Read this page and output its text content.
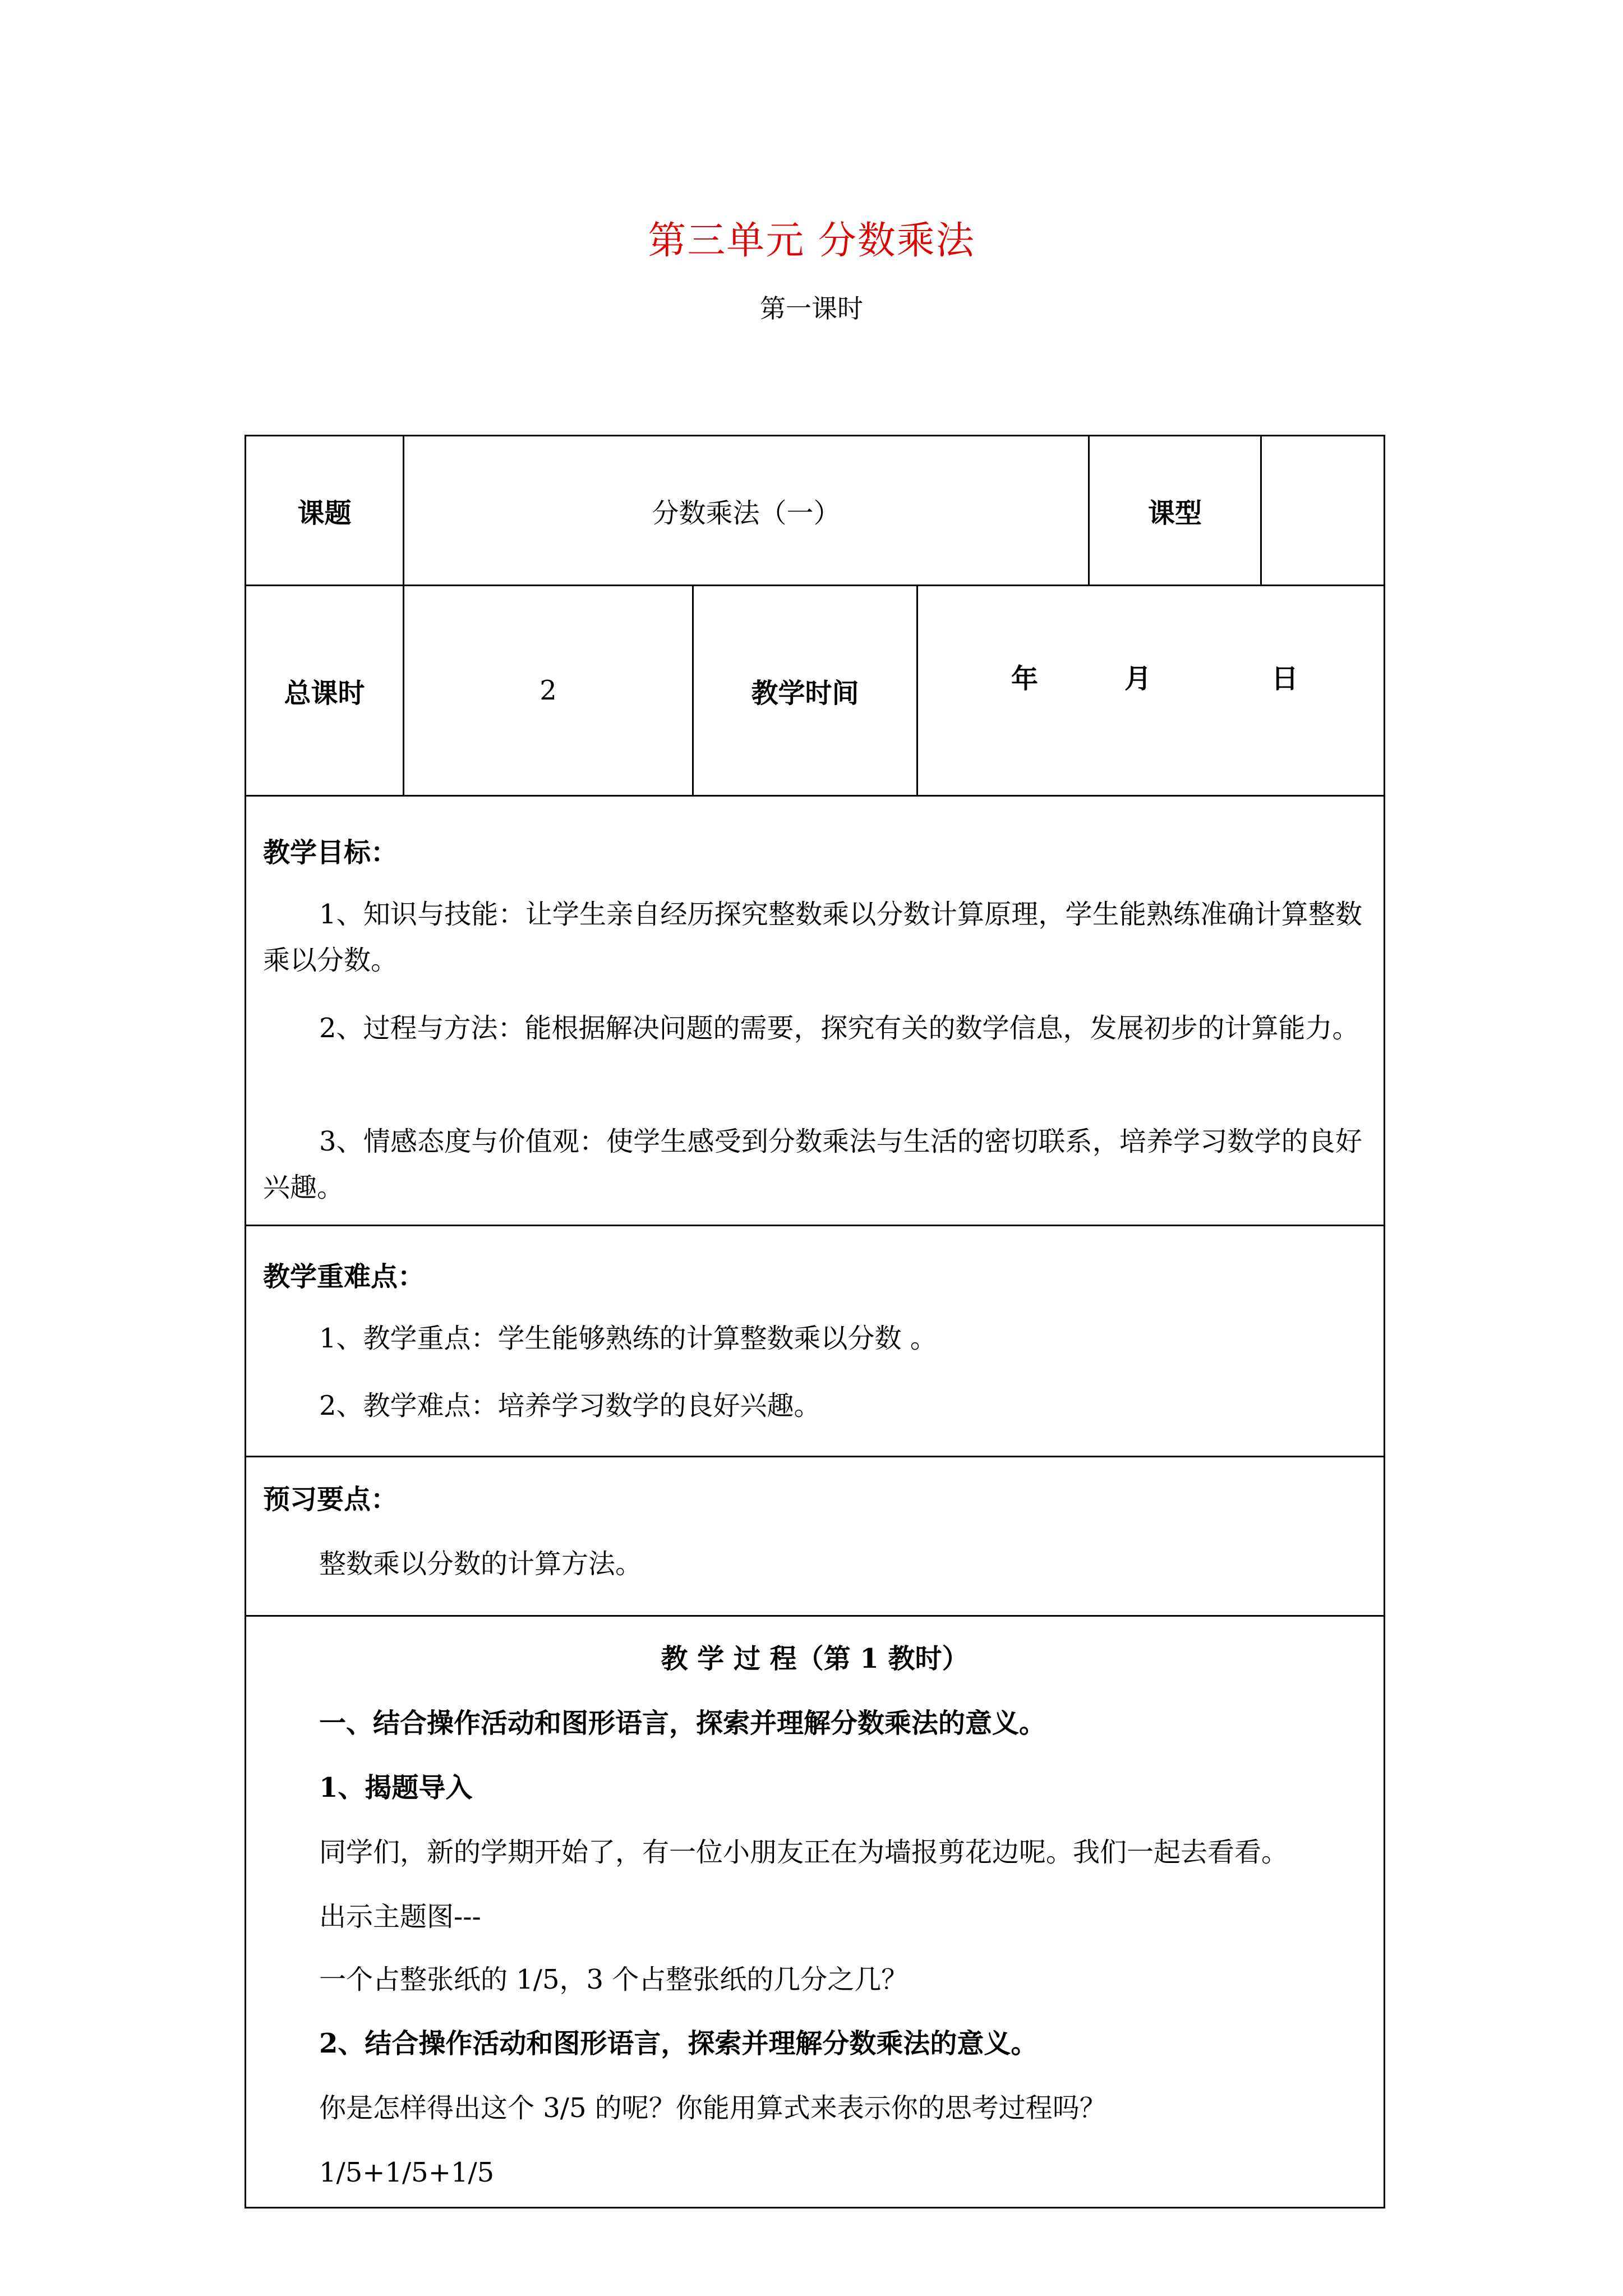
第三单元 分数乘法
第一课时
课题	分数乘法（一）	课型
总课时	2	教学时间	年	月	日
教学目标：
1、知识与技能：让学生亲自经历探究整数乘以分数计算原理，学生能熟练准确计算整数乘以分数。
2、过程与方法：能根据解决问题的需要，探究有关的数学信息，发展初步的计算能力。
3、情感态度与价值观：使学生感受到分数乘法与生活的密切联系，培养学习数学的良好兴趣。
教学重难点：
1、教学重点：学生能够熟练的计算整数乘以分数 。
2、教学难点：培养学习数学的良好兴趣。
预习要点：
整数乘以分数的计算方法。
教 学 过 程（第 1 教时）
一、结合操作活动和图形语言，探索并理解分数乘法的意义。
1、揭题导入
同学们，新的学期开始了，有一位小朋友正在为墙报剪花边呢。我们一起去看看。
出示主题图---
一个占整张纸的 1/5，3 个占整张纸的几分之几？
2、结合操作活动和图形语言，探索并理解分数乘法的意义。
你是怎样得出这个 3/5 的呢？你能用算式来表示你的思考过程吗？
1/5+1/5+1/5
